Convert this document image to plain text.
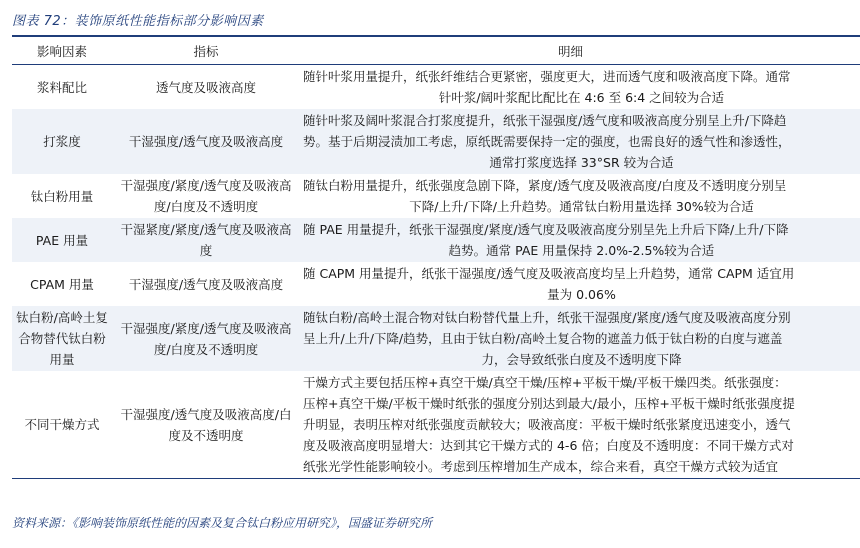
图表 72：装饰原纸性能指标部分影响因素
影响因素	指标	明细
浆料配比	透气度及吸液高度	随针叶浆用量提升，纸张纤维结合更紧密，强度更大，进而透气度和吸液高度下降。通常
针叶浆/阔叶浆配比配比在 4:6 至 6:4 之间较为合适

打浆度	干湿强度/透气度及吸液高度	随针叶浆及阔叶浆混合打浆度提升，纸张干湿强度/透气度和吸液高度分别呈上升/下降趋
势。基于后期浸渍加工考虑，原纸既需要保持一定的强度，也需良好的透气性和渗透性，
通常打浆度选择 33°SR 较为合适

钛白粉用量	干湿强度/紧度/透气度及吸液高度/白度及不透明度	随钛白粉用量提升，纸张强度急剧下降，紧度/透气度及吸液高度/白度及不透明度分别呈
下降/上升/下降/上升趋势。通常钛白粉用量选择 30%较为合适

PAE 用量	干湿紧度/紧度/透气度及吸液高度	随 PAE 用量提升，纸张干湿强度/紧度/透气度及吸液高度分别呈先上升后下降/上升/下降
趋势。通常 PAE 用量保持 2.0%-2.5%较为合适

CPAM 用量	干湿强度/透气度及吸液高度	随 CAPM 用量提升，纸张干湿强度/透气度及吸液高度均呈上升趋势，通常 CAPM 适宜用
量为 0.06%

钛白粉/高岭土复合物替代钛白粉用量	干湿强度/紧度/透气度及吸液高度/白度及不透明度	随钛白粉/高岭土混合物对钛白粉替代量上升，纸张干湿强度/紧度/透气度及吸液高度分别
呈上升/上升/下降/趋势，且由于钛白粉/高岭土复合物的遮盖力低于钛白粉的白度与遮盖
力，会导致纸张白度及不透明度下降

不同干燥方式	干湿强度/透气度及吸液高度/白度及不透明度	干燥方式主要包括压榨+真空干燥/真空干燥/压榨+平板干燥/平板干燥四类。纸张强度：
压榨+真空干燥/平板干燥时纸张的强度分别达到最大/最小，压榨+平板干燥时纸张强度提
升明显，表明压榨对纸张强度贡献较大；吸液高度：平板干燥时纸张紧度迅速变小，透气
度及吸液高度明显增大：达到其它干燥方式的 4-6 倍；白度及不透明度：不同干燥方式对
纸张光学性能影响较小。考虑到压榨增加生产成本，综合来看，真空干燥方式较为适宜
资料来源：《影响装饰原纸性能的因素及复合钛白粉应用研究》，国盛证券研究所
